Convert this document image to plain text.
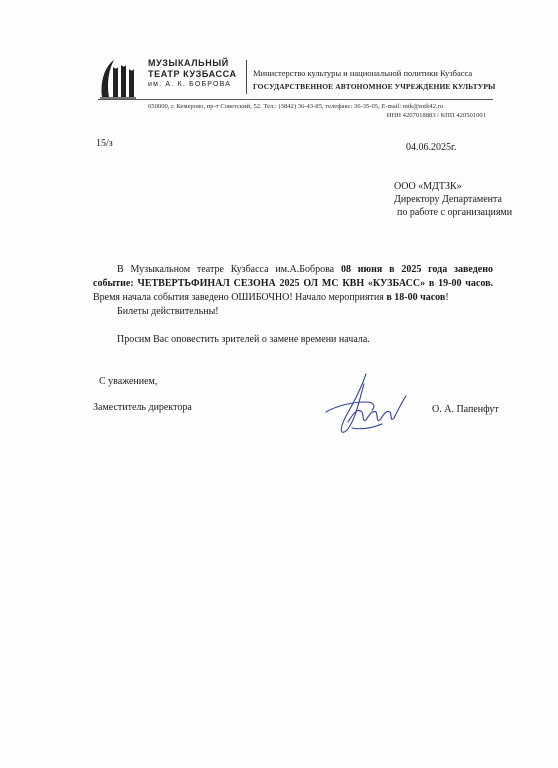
МУЗЫКАЛЬНЫЙ
ТЕАТР КУЗБАССА
им. А. К. БОБРОВА
Министерство культуры и национальной политики Кузбасса
ГОСУДАРСТВЕННОЕ АВТОНОМНОЕ УЧРЕЖДЕНИЕ КУЛЬТУРЫ
650000, г. Кемерово, пр-т Советский, 52. Тел.: (3842) 36-43-85, телефакс: 36-35-05, E-mail: mtk@mtk42.ru
ИНН 4207018883 / КПП 420501001
15/з	04.06.2025г.
ООО «МДТЗК»
Директору Департамента
по работе с организациями

В Музыкальном театре Кузбасса им.А.Боброва 08 июня в 2025 года заведено

событие: ЧЕТВЕРТЬФИНАЛ СЕЗОНА 2025 ОЛ МС КВН «КУЗБАСС» в 19-00 часов.

Время начала события заведено ОШИБОЧНО! Начало мероприятия в 18-00 часов!

Билеты действительны!

Просим Вас оповестить зрителей о замене времени начала.

С уважением,
Заместитель директора	О. А. Папенфут
